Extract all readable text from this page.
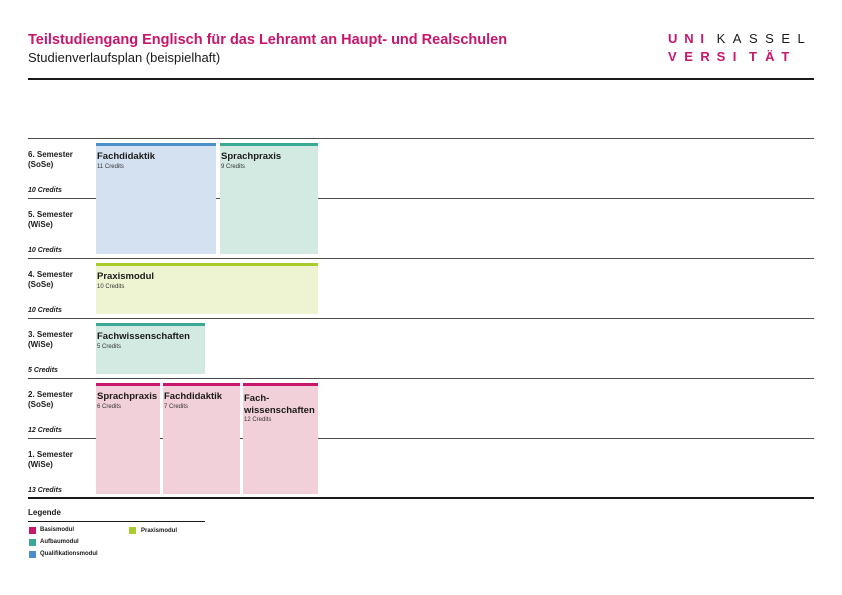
Teilstudiengang Englisch für das Lehramt an Haupt- und Realschulen
Studienverlaufsplan (beispielhaft)
U N I K A S S E L
V E R S I T Ä T
6. Semester
(SoSe)
10 Credits
5. Semester
(WiSe)
10 Credits
4. Semester
(SoSe)
10 Credits
3. Semester
(WiSe)
5 Credits
2. Semester
(SoSe)
12 Credits
1. Semester
(WiSe)
13 Credits
Fachdidaktik
11 Credits
Sprachpraxis
9 Credits
Praxismodul
10 Credits
Fachwissenschaften
5 Credits
Sprachpraxis
6 Credits
Fachdidaktik
7 Credits
Fach-
wissenschaften
12 Credits
Legende
Basismodul
Aufbaumodul
Qualifikationsmodul
Praxismodul
